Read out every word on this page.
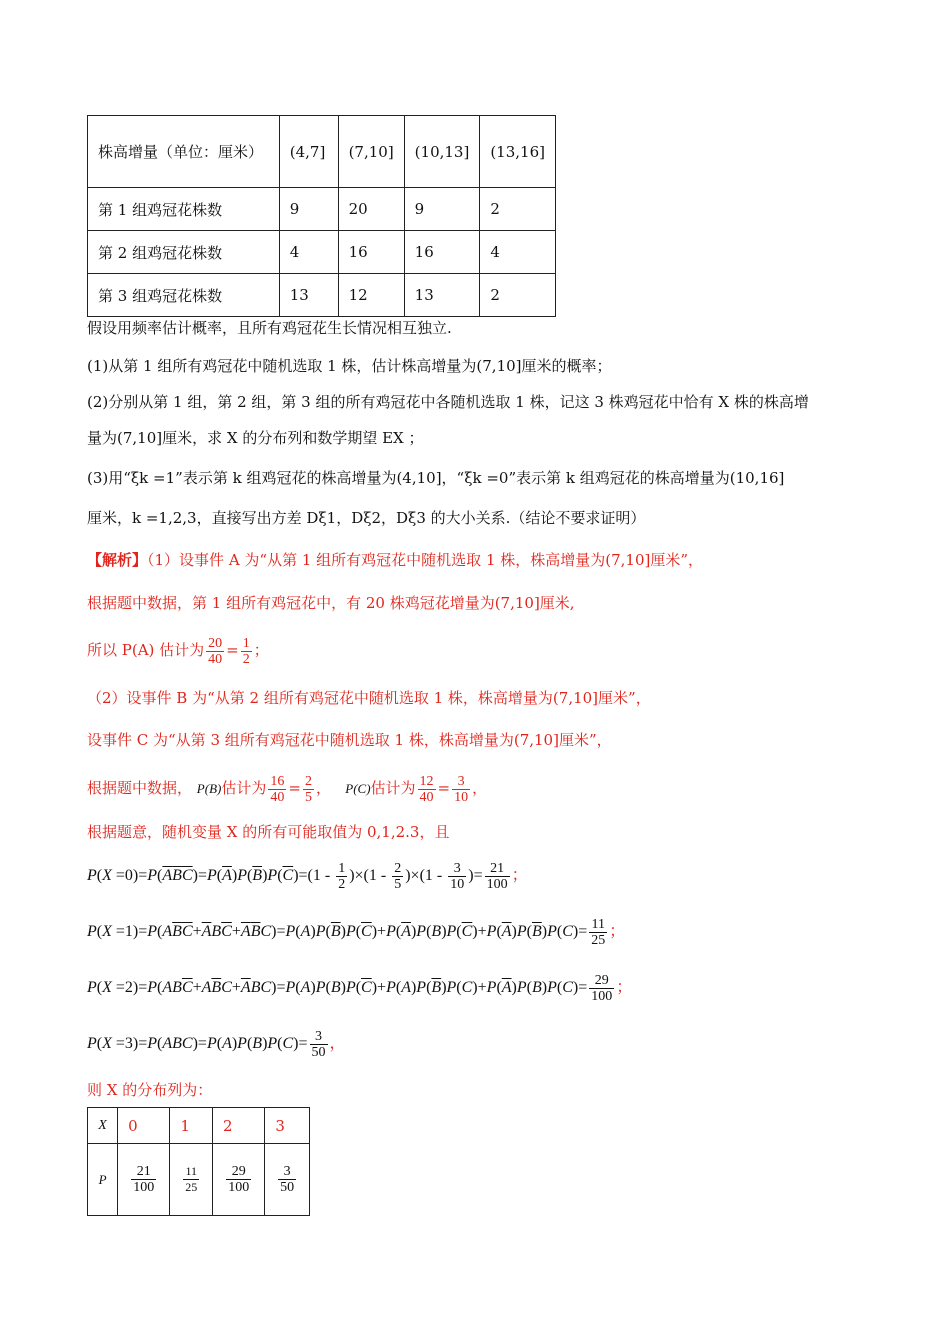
株高增量（单位：厘米）	(4,7]	(7,10]	(10,13]	(13,16]
第 1 组鸡冠花株数	9	20	9	2
第 2 组鸡冠花株数	4	16	16	4
第 3 组鸡冠花株数	13	12	13	2
假设用频率估计概率，且所有鸡冠花生长情况相互独立.
(1)从第 1 组所有鸡冠花中随机选取 1 株，估计株高增量为(7,10]厘米的概率；
(2)分别从第 1 组，第 2 组，第 3 组的所有鸡冠花中各随机选取 1 株，记这 3 株鸡冠花中恰有 X 株的株高增
量为(7,10]厘米，求 X 的分布列和数学期望 EX ；
(3)用“ξk =1”表示第 k 组鸡冠花的株高增量为(4,10]，“ξk =0”表示第 k 组鸡冠花的株高增量为(10,16]
厘米，k =1,2,3，直接写出方差 Dξ1，Dξ2，Dξ3 的大小关系.（结论不要求证明）
【解析】（1）设事件 A 为“从第 1 组所有鸡冠花中随机选取 1 株，株高增量为(7,10]厘米”，
根据题中数据，第 1 组所有鸡冠花中，有 20 株鸡冠花增量为(7,10]厘米,
所以 P(A) 估计为 $\frac{20}{40} = \frac{1}{2}$ ；
（2）设事件 B 为“从第 2 组所有鸡冠花中随机选取 1 株，株高增量为(7,10]厘米”，
设事件 C 为“从第 3 组所有鸡冠花中随机选取 1 株，株高增量为(7,10]厘米”，
根据题中数据， P(B)估计为 $\frac{16}{40} = \frac{2}{5}$ ，   P(C)估计为 $\frac{12}{40} = \frac{3}{10}$ ，
根据题意，随机变量 X 的所有可能取值为 0,1,2.3，且
$P(X =0)=P(\overline{A}\overline{B}\overline{C})=P(\overline{A})P(\overline{B})P(\overline{C})=(1 - \frac{1}{2} )\times(1 - \frac{2}{5} )\times(1 - \frac{3}{10}$ )= $\frac{21}{100}$ ；
$P(X =1)=P(A\overline{B}\overline{C}+\overline{A}B\overline{C}+\overline{A}\overline{B}C)=P(A)P(\overline{B})P(\overline{C})+P(\overline{A})P(B)P(\overline{C})+P(\overline{A})P(\overline{B})P(C)= \frac{11}{25}$ ；
$P(X =2)=P(AB\overline{C}+A\overline{B}C+\overline{A}BC)=P(A)P(B)P(\overline{C})+P(A)P(\overline{B})P(C)+P(\overline{A})P(B)P(C)= \frac{29}{100}$ ；
$P(X =3)=P(ABC)=P(A)P(B)P(C)= \frac{3}{50}$ ，
则 X 的分布列为：
X	0	1	2	3
P	$\frac{21}{100}$	$\frac{11}{25}$	$\frac{29}{100}$	$\frac{3}{50}$
